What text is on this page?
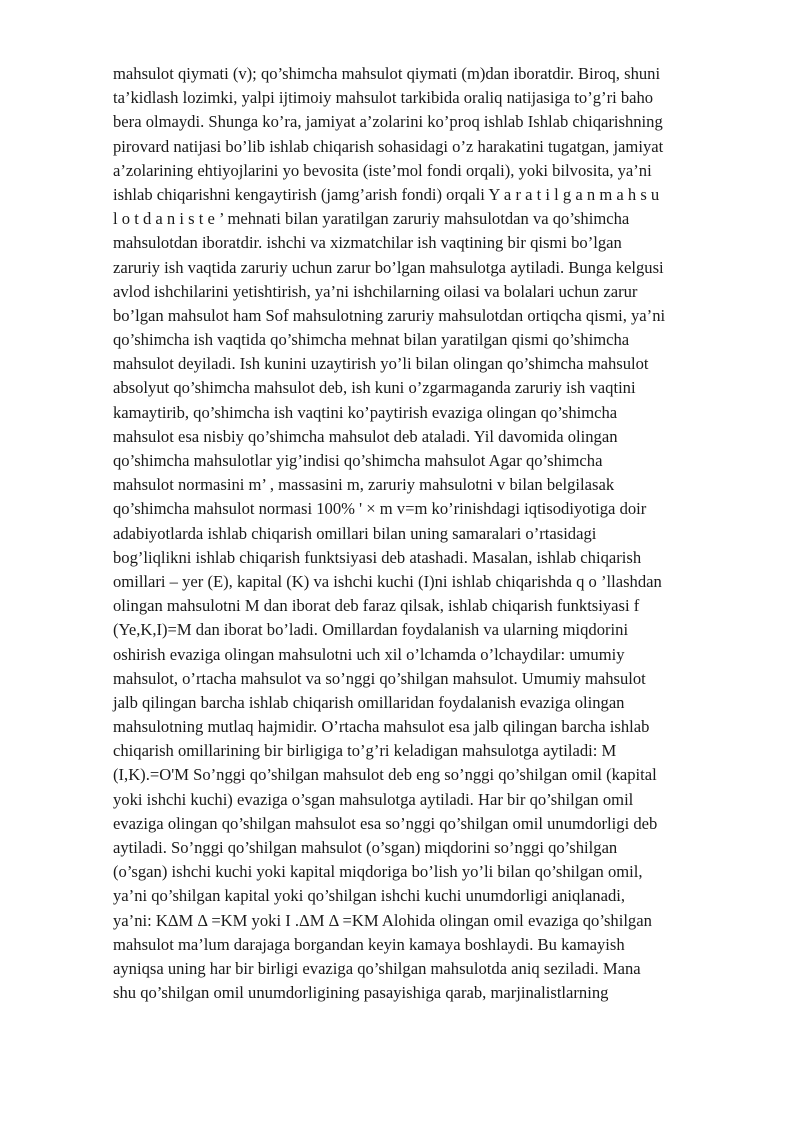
mahsulot qiymati (v); qo’shimcha mahsulot qiymati (m)dan iboratdir. Biroq, shuni
ta’kidlash lozimki, yalpi ijtimoiy mahsulot tarkibida oraliq natijasiga to’g’ri baho
bera olmaydi. Shunga ko’ra, jamiyat a’zolarini ko’proq ishlab Ishlab chiqarishning
pirovard natijasi bo’lib ishlab chiqarish sohasidagi o’z harakatini tugatgan, jamiyat
a’zolarining ehtiyojlarini yo bevosita (iste’mol fondi orqali), yoki bilvosita, ya’ni
ishlab chiqarishni kengaytirish (jamg’arish fondi) orqali Y a r a t i l g a n m a h s u
l o t d a n i s t e ’ mehnati bilan yaratilgan zaruriy mahsulotdan va qo’shimcha
mahsulotdan iboratdir. ishchi va xizmatchilar ish vaqtining bir qismi bo’lgan
zaruriy ish vaqtida zaruriy uchun zarur bo’lgan mahsulotga aytiladi. Bunga kelgusi
avlod ishchilarini yetishtirish, ya’ni ishchilarning oilasi va bolalari uchun zarur
bo’lgan mahsulot ham Sof mahsulotning zaruriy mahsulotdan ortiqcha qismi, ya’ni
qo’shimcha ish vaqtida qo’shimcha mehnat bilan yaratilgan qismi qo’shimcha
mahsulot deyiladi. Ish kunini uzaytirish yo’li bilan olingan qo’shimcha mahsulot
absolyut qo’shimcha mahsulot deb, ish kuni o’zgarmaganda zaruriy ish vaqtini
kamaytirib, qo’shimcha ish vaqtini ko’paytirish evaziga olingan qo’shimcha
mahsulot esa nisbiy qo’shimcha mahsulot deb ataladi. Yil davomida olingan
qo’shimcha mahsulotlar yig’indisi qo’shimcha mahsulot Agar qo’shimcha
mahsulot normasini m’ , massasini m, zaruriy mahsulotni v bilan belgilasak
qo’shimcha mahsulot normasi 100% ' × m v=m ko’rinishdagi iqtisodiyotiga doir
adabiyotlarda ishlab chiqarish omillari bilan uning samaralari o’rtasidagi
bog’liqlikni ishlab chiqarish funktsiyasi deb atashadi. Masalan, ishlab chiqarish
omillari – yer (E), kapital (K) va ishchi kuchi (I)ni ishlab chiqarishda q o ’llashdan
olingan mahsulotni M dan iborat deb faraz qilsak, ishlab chiqarish funktsiyasi f
(Ye,K,I)=M dan iborat bo’ladi. Omillardan foydalanish va ularning miqdorini
oshirish evaziga olingan mahsulotni uch xil o’lchamda o’lchaydilar: umumiy
mahsulot, o’rtacha mahsulot va so’nggi qo’shilgan mahsulot. Umumiy mahsulot
jalb qilingan barcha ishlab chiqarish omillaridan foydalanish evaziga olingan
mahsulotning mutlaq hajmidir. O’rtacha mahsulot esa jalb qilingan barcha ishlab
chiqarish omillarining bir birligiga to’g’ri keladigan mahsulotga aytiladi: M
(I,K).=O'M So’nggi qo’shilgan mahsulot deb eng so’nggi qo’shilgan omil (kapital
yoki ishchi kuchi) evaziga o’sgan mahsulotga aytiladi. Har bir qo’shilgan omil
evaziga olingan qo’shilgan mahsulot esa so’nggi qo’shilgan omil unumdorligi deb
aytiladi. So’nggi qo’shilgan mahsulot (o’sgan) miqdorini so’nggi qo’shilgan
(o’sgan) ishchi kuchi yoki kapital miqdoriga bo’lish yo’li bilan qo’shilgan omil,
ya’ni qo’shilgan kapital yoki qo’shilgan ishchi kuchi unumdorligi aniqlanadi,
ya’ni: KΔM Δ =KM yoki I .ΔM Δ =KM Alohida olingan omil evaziga qo’shilgan
mahsulot ma’lum darajaga borgandan keyin kamaya boshlaydi. Bu kamayish
ayniqsa uning har bir birligi evaziga qo’shilgan mahsulotda aniq seziladi. Mana
shu qo’shilgan omil unumdorligining pasayishiga qarab, marjinalistlarning
